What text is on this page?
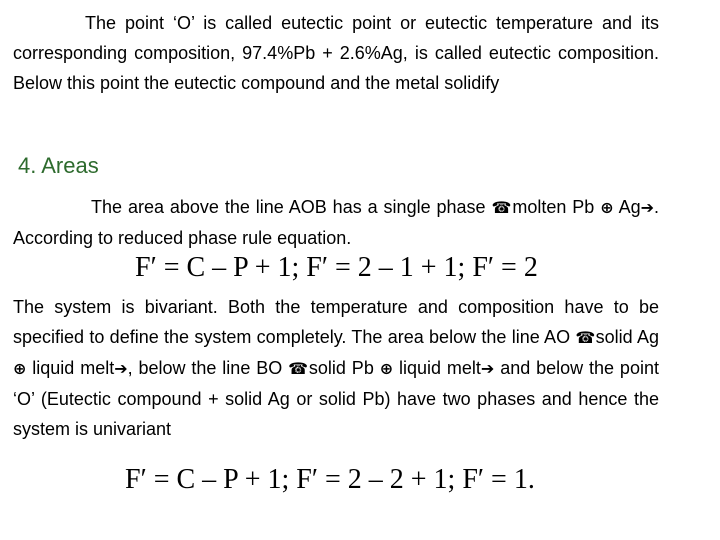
The point ‘O’ is called eutectic point or eutectic temperature and its corresponding composition, 97.4%Pb + 2.6%Ag, is called eutectic composition. Below this point the eutectic compound and the metal solidify
4. Areas
The area above the line AOB has a single phase ☎molten Pb ⊕ Ag➔. According to reduced phase rule equation.
F′ = C – P + 1; F′ = 2 – 1 + 1; F′ = 2
The system is bivariant. Both the temperature and composition have to be specified to define the system completely. The area below the line AO ☎solid Ag ⊕ liquid melt➔, below the line BO ☎solid Pb ⊕ liquid melt➔ and below the point ‘O’ (Eutectic compound + solid Ag or solid Pb) have two phases and hence the system is univariant
F′ = C – P + 1; F′ = 2 – 2 + 1; F′ = 1.
